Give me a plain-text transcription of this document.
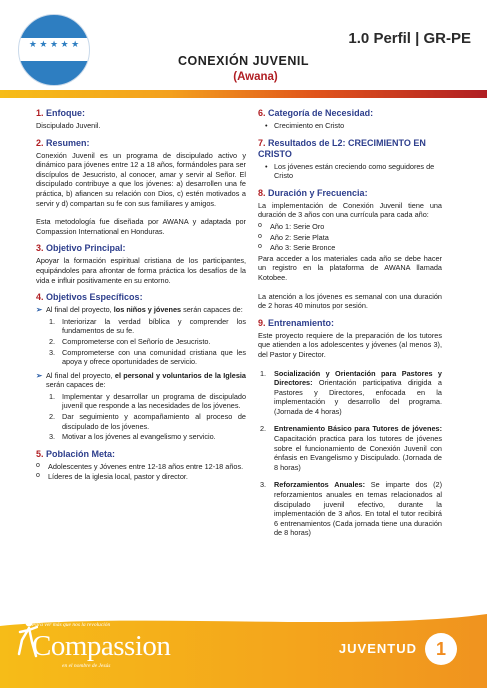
★ ★ ★ ★ ★	1.0 Perfil | GR-PE
CONEXIÓN JUVENIL
(Awana)
1. Enfoque:
Discipulado Juvenil.
2. Resumen:
Conexión Juvenil es un programa de discipulado activo y dinámico para jóvenes entre 12 a 18 años, formándoles para ser discípulos de Jesucristo, al conocer, amar y servir al Señor. El discipulado contribuye a que los jóvenes: a) desarrollen una fe práctica, b) afiancen su relación con Dios, c) estén motivados a servir y d) compartan su fe con sus familiares y amigos.
Esta metodología fue diseñada por AWANA y adaptada por Compassion International en Honduras.
3. Objetivo Principal:
Apoyar la formación espiritual cristiana de los participantes, equipándoles para afrontar de forma práctica los desafíos de la vida e influir positivamente en su entorno.
4. Objetivos Específicos:
➢ Al final del proyecto, los niños y jóvenes serán capaces de:
1. Interiorizar la verdad bíblica y comprender los fundamentos de su fe.
2. Comprometerse con el Señorío de Jesucristo.
3. Comprometerse con una comunidad cristiana que les apoya y ofrece oportunidades de servicio.
➢ Al final del proyecto, el personal y voluntarios de la Iglesia serán capaces de:
1. Implementar y desarrollar un programa de discipulado juvenil que responde a las necesidades de los jóvenes.
2. Dar seguimiento y acompañamiento al proceso de discipulado de los jóvenes.
3. Motivar a los jóvenes al evangelismo y servicio.
5. Población Meta:
o Adolescentes y Jóvenes entre 12-18 años entre 12-18 años.
o Líderes de la iglesia local, pastor y director.
6. Categoría de Necesidad:
• Crecimiento en Cristo
7. Resultados de L2: CRECIMIENTO EN CRISTO
• Los jóvenes están creciendo como seguidores de Cristo
8. Duración y Frecuencia:
La implementación de Conexión Juvenil tiene una duración de 3 años con una currícula para cada año:
o Año 1: Serie Oro
o Año 2: Serie Plata
o Año 3: Serie Bronce
Para acceder a los materiales cada año se debe hacer un registro en la plataforma de AWANA llamada Kotobee.
La atención a los jóvenes es semanal con una duración de 2 horas 40 minutos por sesión.
9. Entrenamiento:
Este proyecto requiere de la preparación de los tutores que atienden a los adolescentes y jóvenes (al menos 3), del Pastor y Director.
1. Socialización y Orientación para Pastores y Directores: Orientación participativa dirigida a Pastores y Directores, enfocada en la implementación y desarrollo del programa. (Jornada de 4 horas)
2. Entrenamiento Básico para Tutores de jóvenes: Capacitación practica para los tutores de jóvenes sobre el funcionamiento de Conexión Juvenil con énfasis en Evangelismo y Discipulado. (Jornada de 8 horas)
3. Reforzamientos Anuales: Se imparte dos (2) reforzamientos anuales en temas relacionados al discipulado juvenil efectivo, durante la implementación de 3 años. En total el tutor recibirá 6 entrenamientos (Cada jornada tiene una duración de 8 horas)
Para ver más que nos la revolución
Compassion
en el nombre de Jesús
JUVENTUD	1
